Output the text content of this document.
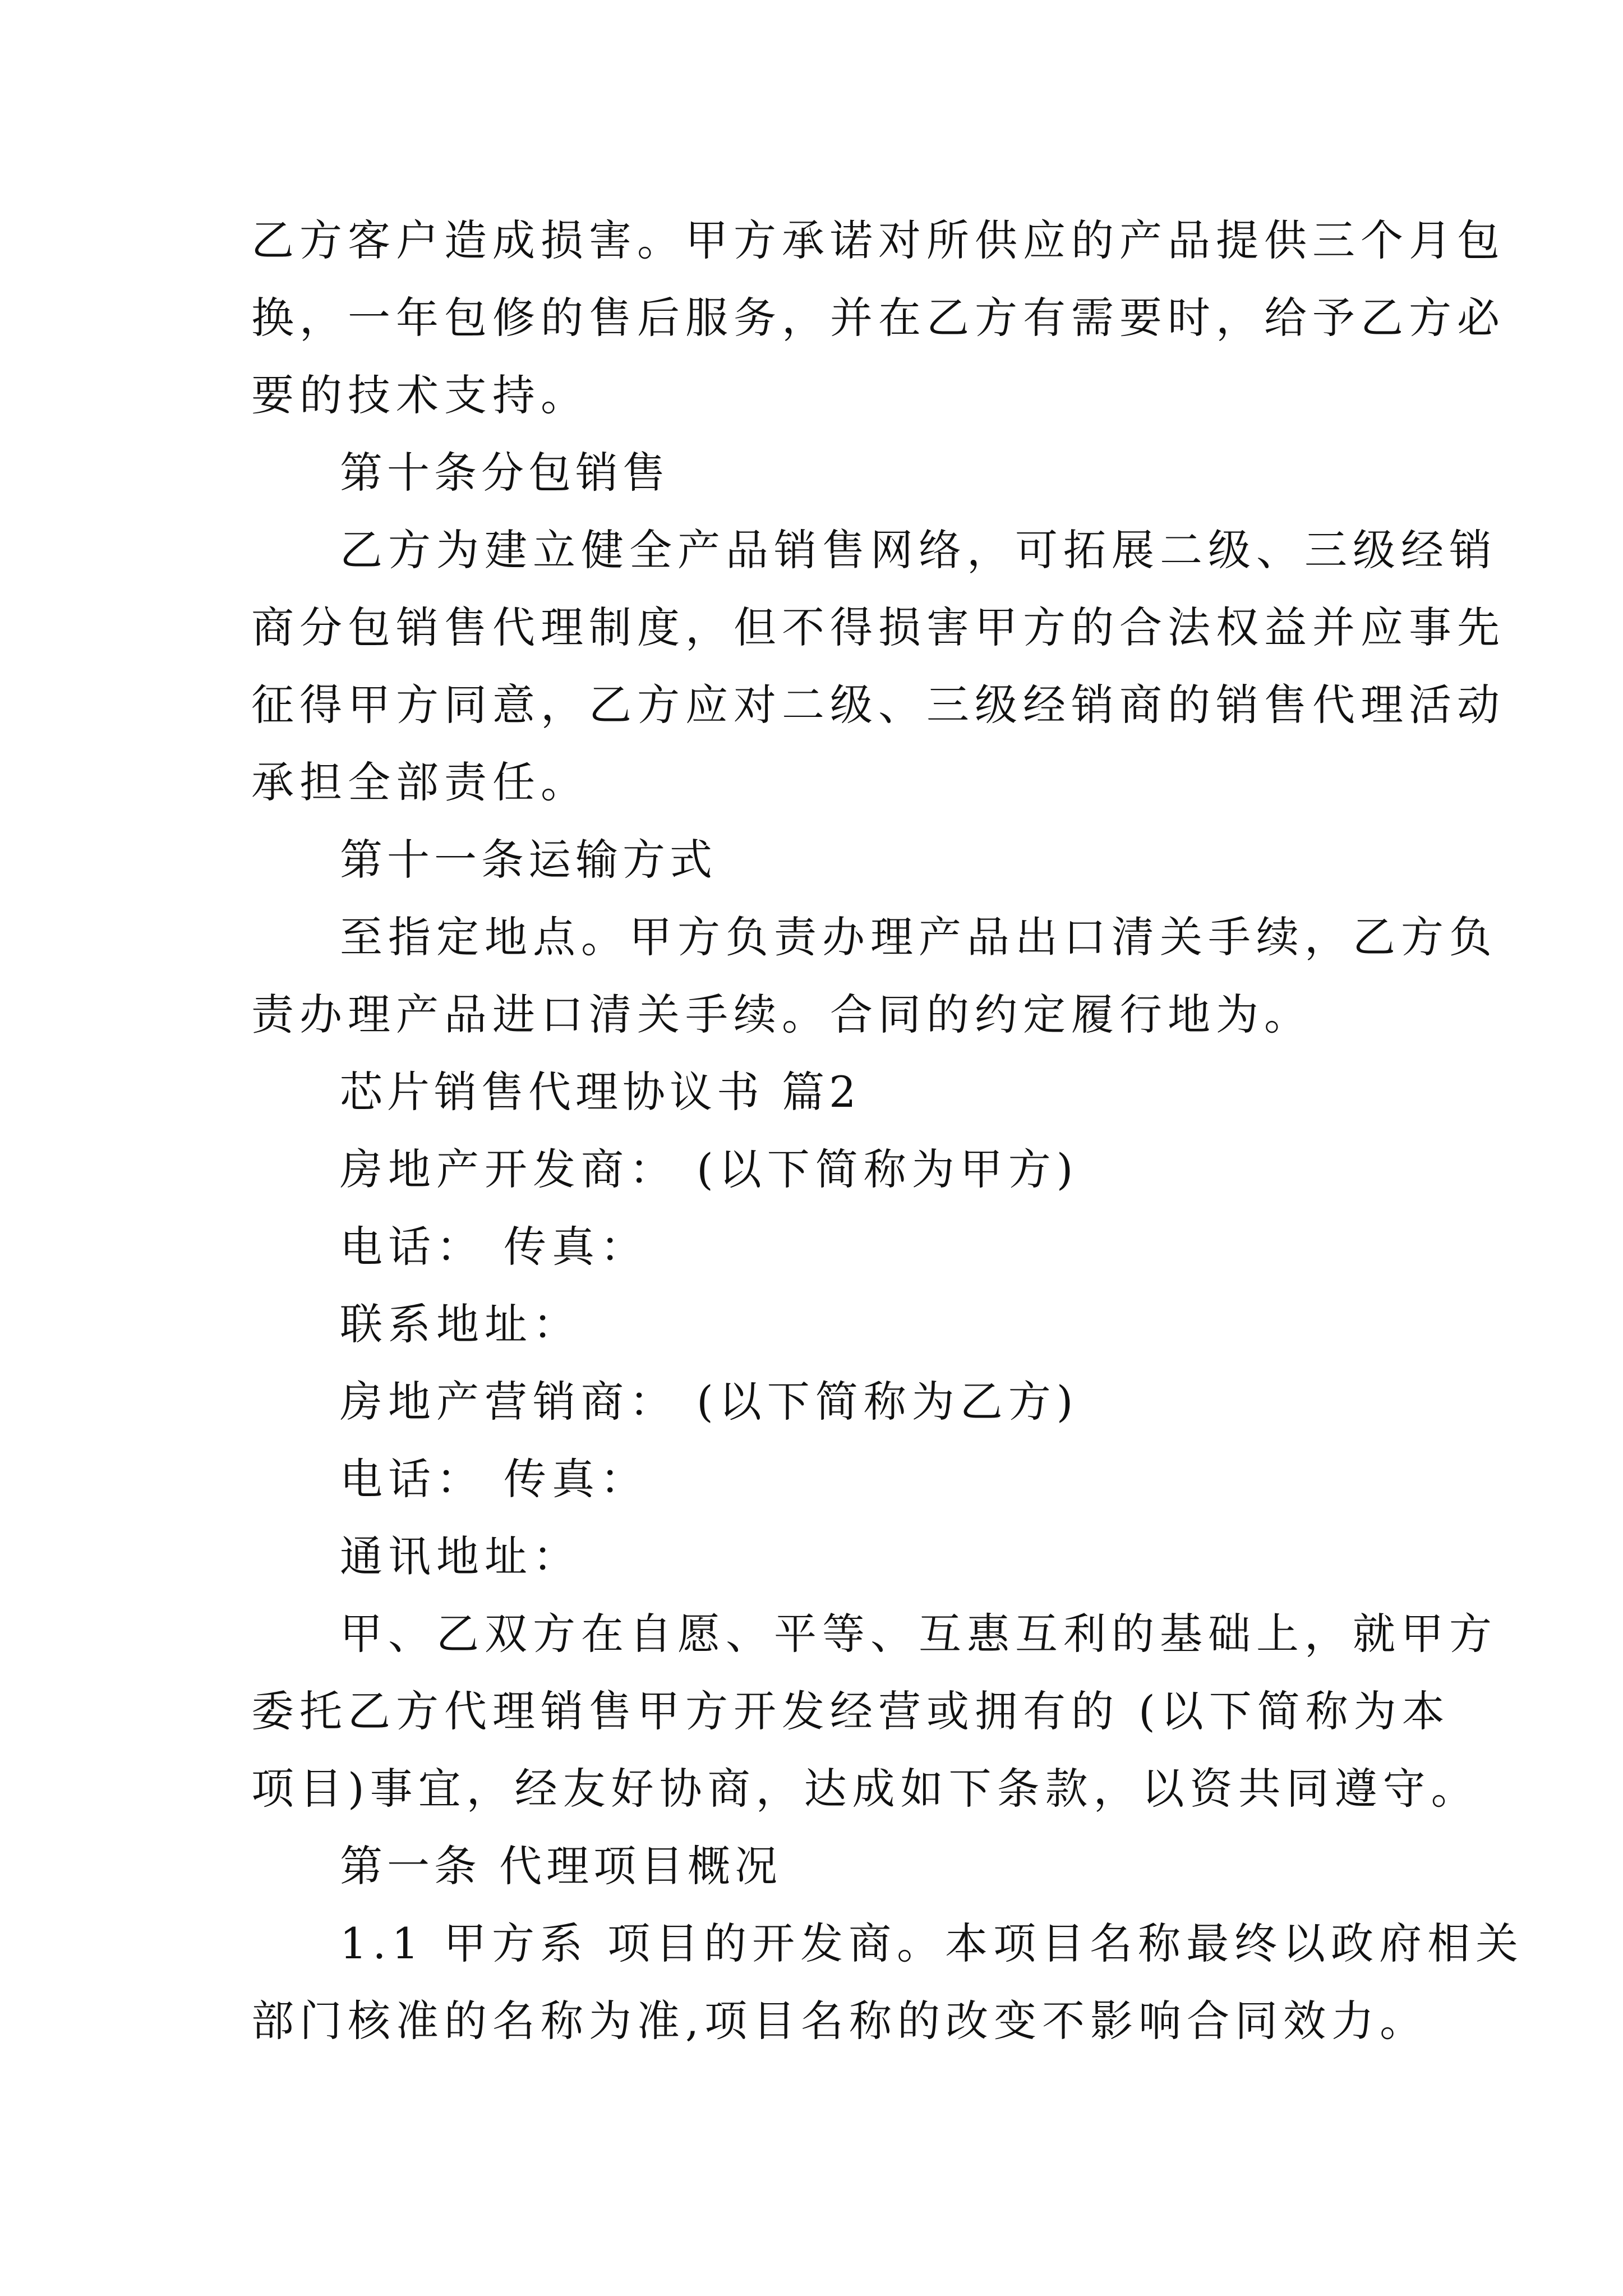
乙方客户造成损害。甲方承诺对所供应的产品提供三个月包
换，一年包修的售后服务，并在乙方有需要时，给予乙方必
要的技术支持。
第十条分包销售
乙方为建立健全产品销售网络，可拓展二级、三级经销
商分包销售代理制度，但不得损害甲方的合法权益并应事先
征得甲方同意，乙方应对二级、三级经销商的销售代理活动
承担全部责任。
第十一条运输方式
至指定地点。甲方负责办理产品出口清关手续，乙方负
责办理产品进口清关手续。合同的约定履行地为。
芯片销售代理协议书 篇2
房地产开发商： (以下简称为甲方)
电话： 传真：
联系地址：
房地产营销商： (以下简称为乙方)
电话： 传真：
通讯地址：
甲、乙双方在自愿、平等、互惠互利的基础上，就甲方
委托乙方代理销售甲方开发经营或拥有的 (以下简称为本
项目)事宜，经友好协商，达成如下条款，以资共同遵守。
第一条 代理项目概况
1.1 甲方系 项目的开发商。本项目名称最终以政府相关
部门核准的名称为准,项目名称的改变不影响合同效力。
